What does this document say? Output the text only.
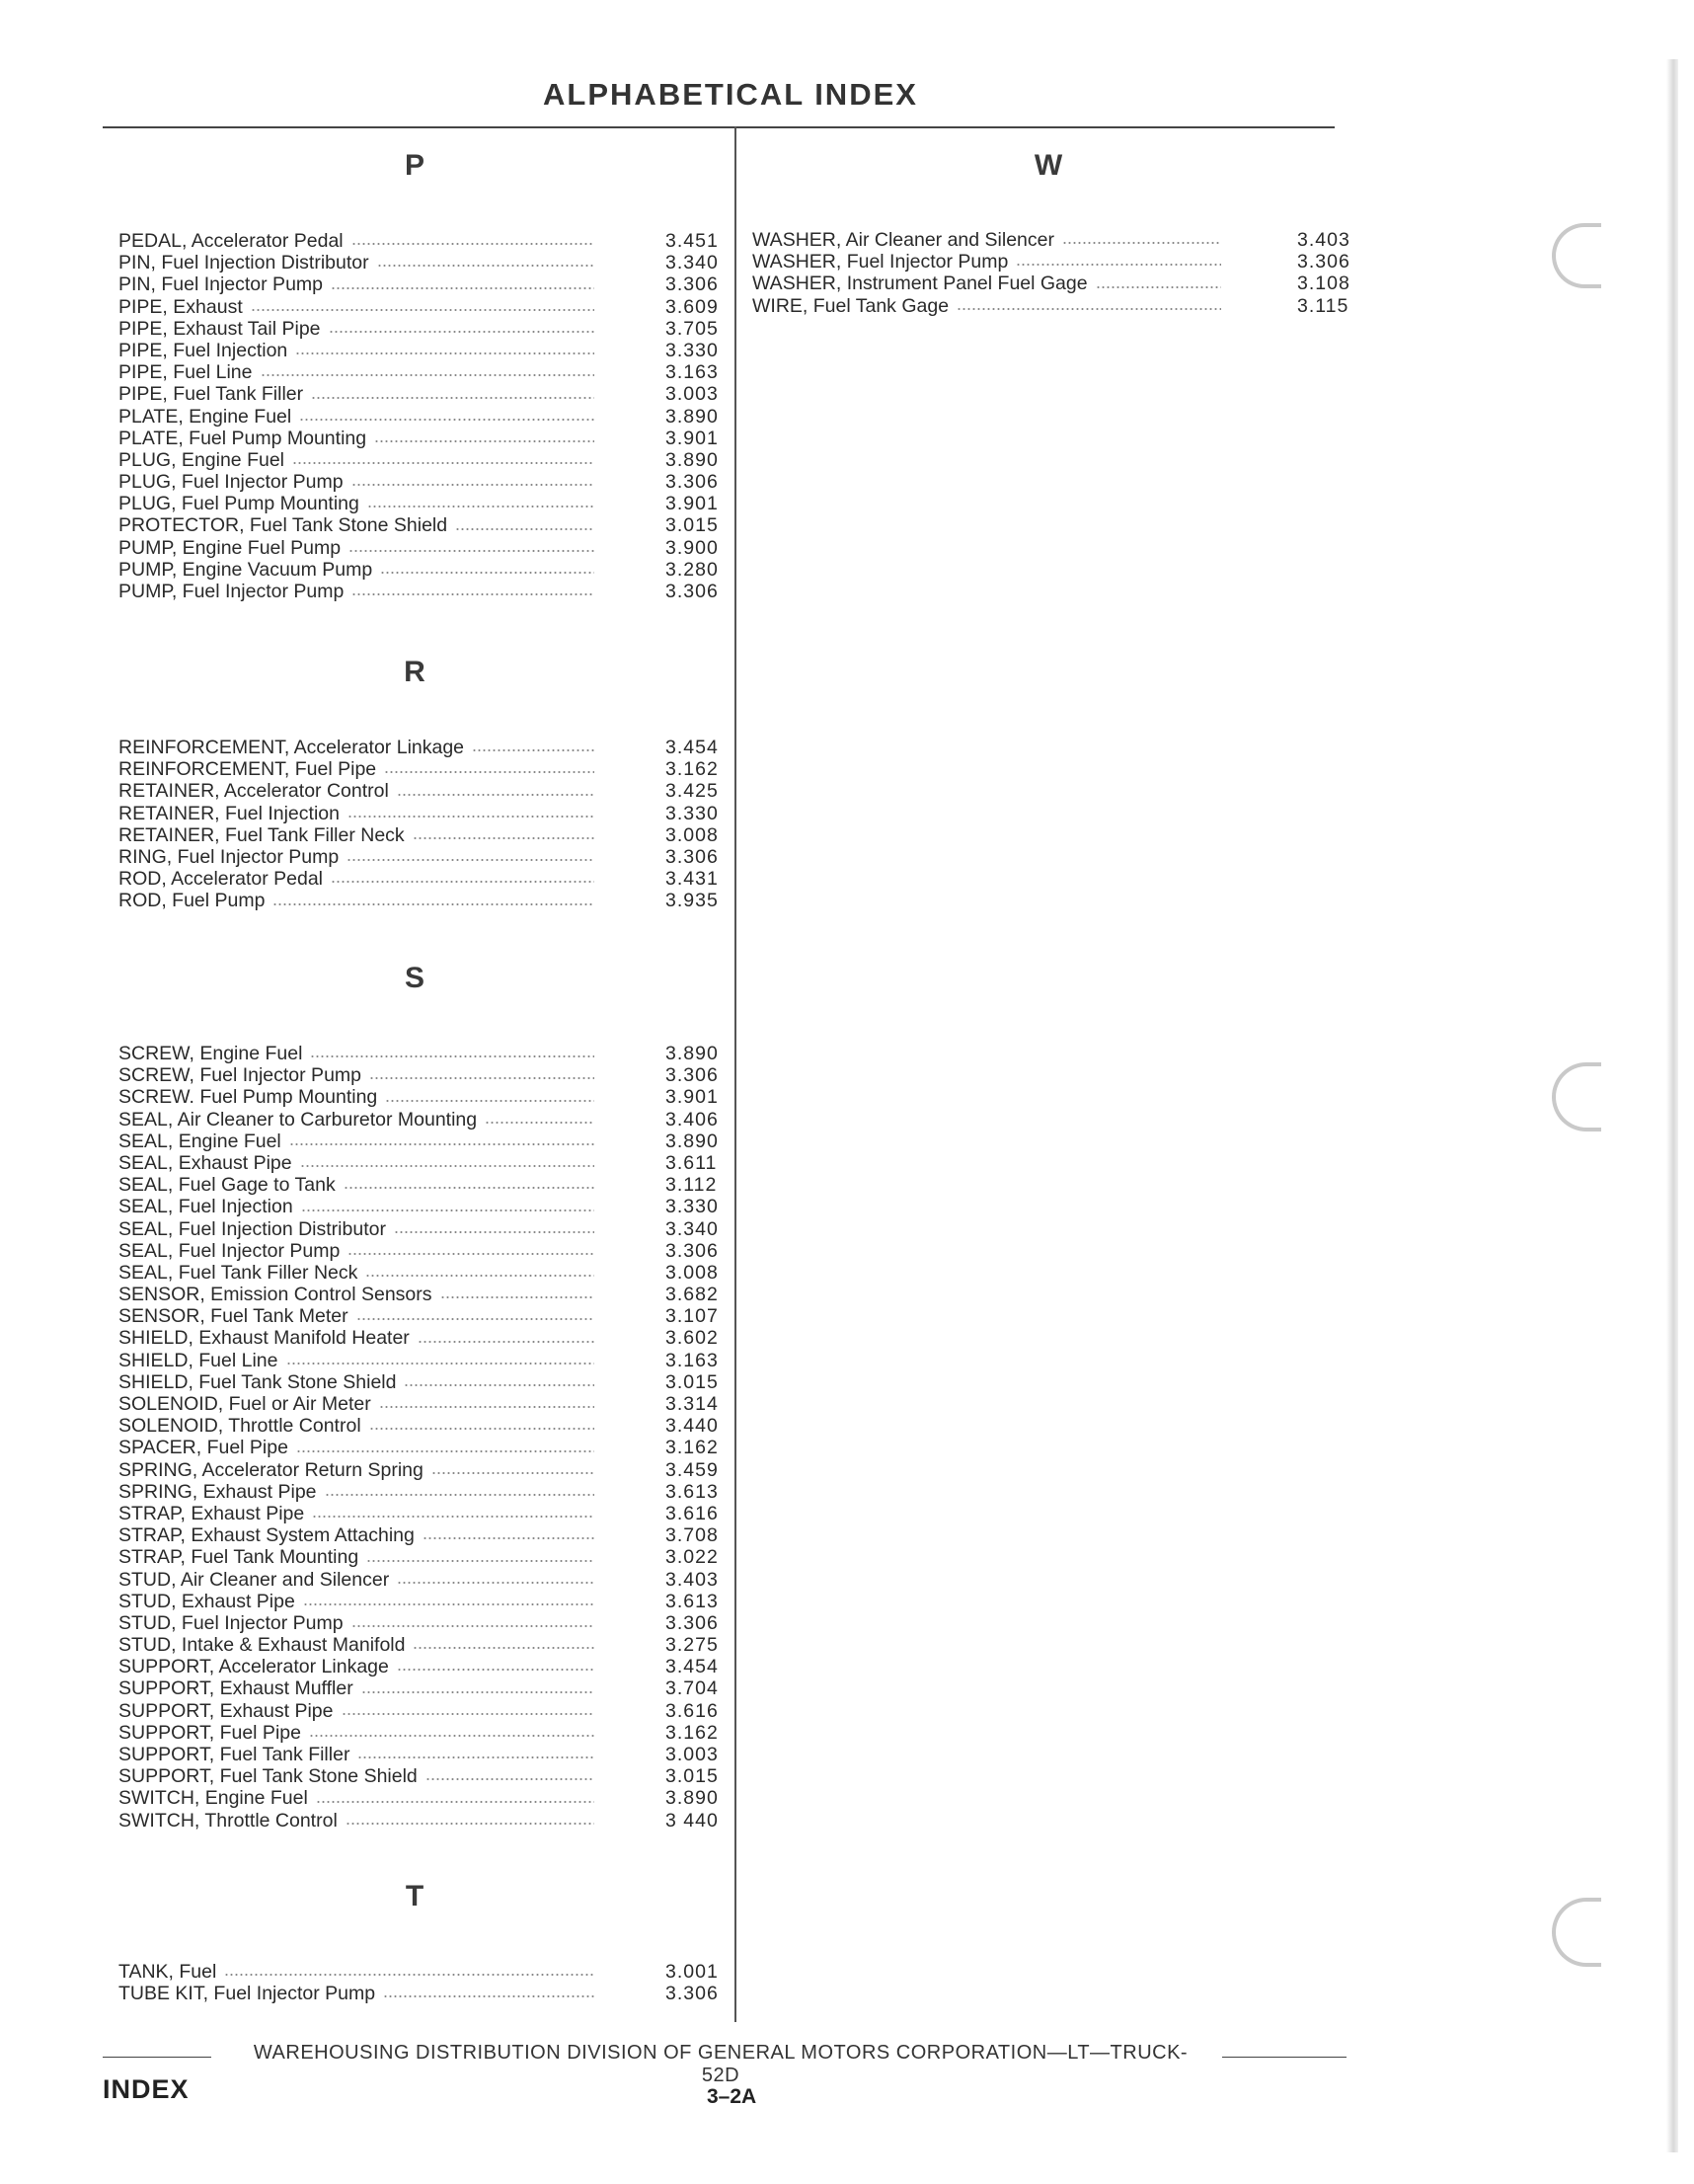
ALPHABETICAL INDEX
P
PEDAL, Accelerator Pedal	3.451
PIN, Fuel Injection Distributor	3.340
PIN, Fuel Injector Pump	3.306
PIPE, Exhaust	3.609
PIPE, Exhaust Tail Pipe	3.705
PIPE, Fuel Injection	3.330
PIPE, Fuel Line	3.163
PIPE, Fuel Tank Filler	3.003
PLATE, Engine Fuel	3.890
PLATE, Fuel Pump Mounting	3.901
PLUG, Engine Fuel	3.890
PLUG, Fuel Injector Pump	3.306
PLUG, Fuel Pump Mounting	3.901
PROTECTOR, Fuel Tank Stone Shield	3.015
PUMP, Engine Fuel Pump	3.900
PUMP, Engine Vacuum Pump	3.280
PUMP, Fuel Injector Pump	3.306
R
REINFORCEMENT, Accelerator Linkage	3.454
REINFORCEMENT, Fuel Pipe	3.162
RETAINER, Accelerator Control	3.425
RETAINER, Fuel Injection	3.330
RETAINER, Fuel Tank Filler Neck	3.008
RING, Fuel Injector Pump	3.306
ROD, Accelerator Pedal	3.431
ROD, Fuel Pump	3.935
S
SCREW, Engine Fuel	3.890
SCREW, Fuel Injector Pump	3.306
SCREW. Fuel Pump Mounting	3.901
SEAL, Air Cleaner to Carburetor Mounting	3.406
SEAL, Engine Fuel	3.890
SEAL, Exhaust Pipe	3.611
SEAL, Fuel Gage to Tank	3.112
SEAL, Fuel Injection	3.330
SEAL, Fuel Injection Distributor	3.340
SEAL, Fuel Injector Pump	3.306
SEAL, Fuel Tank Filler Neck	3.008
SENSOR, Emission Control Sensors	3.682
SENSOR, Fuel Tank Meter	3.107
SHIELD, Exhaust Manifold Heater	3.602
SHIELD, Fuel Line	3.163
SHIELD, Fuel Tank Stone Shield	3.015
SOLENOID, Fuel or Air Meter	3.314
SOLENOID, Throttle Control	3.440
SPACER, Fuel Pipe	3.162
SPRING, Accelerator Return Spring	3.459
SPRING, Exhaust Pipe	3.613
STRAP, Exhaust Pipe	3.616
STRAP, Exhaust System Attaching	3.708
STRAP, Fuel Tank Mounting	3.022
STUD, Air Cleaner and Silencer	3.403
STUD, Exhaust Pipe	3.613
STUD, Fuel Injector Pump	3.306
STUD, Intake & Exhaust Manifold	3.275
SUPPORT, Accelerator Linkage	3.454
SUPPORT, Exhaust Muffler	3.704
SUPPORT, Exhaust Pipe	3.616
SUPPORT, Fuel Pipe	3.162
SUPPORT, Fuel Tank Filler	3.003
SUPPORT, Fuel Tank Stone Shield	3.015
SWITCH, Engine Fuel	3.890
SWITCH, Throttle Control	3 440
T
TANK, Fuel	3.001
TUBE KIT, Fuel Injector Pump	3.306
W
WASHER, Air Cleaner and Silencer	3.403
WASHER, Fuel Injector Pump	3.306
WASHER, Instrument Panel Fuel Gage	3.108
WIRE, Fuel Tank Gage	3.115
WAREHOUSING DISTRIBUTION DIVISION OF GENERAL MOTORS CORPORATION—LT—TRUCK-52D
INDEX	3–2A
